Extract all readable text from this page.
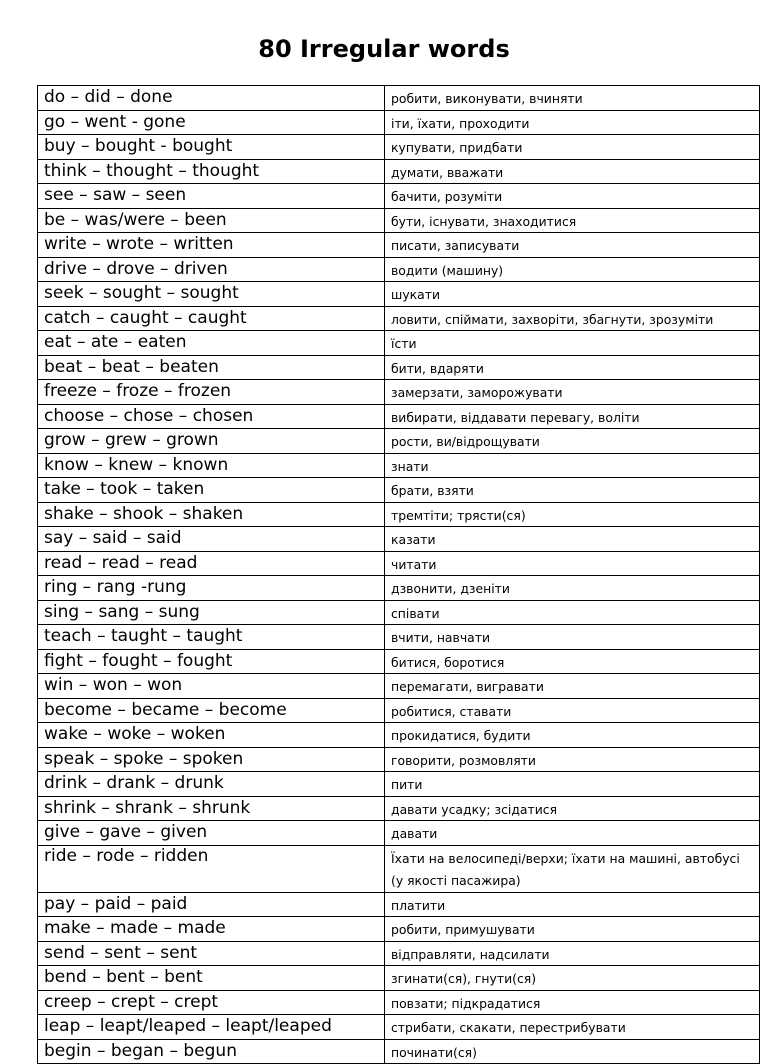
80 Irregular words
do – did – done	робити, виконувати, вчиняти
go – went - gone	іти, їхати, проходити
buy – bought - bought	купувати, придбати
think – thought – thought	думати, вважати
see – saw – seen	бачити, розуміти
be – was/were – been	бути, існувати, знаходитися
write – wrote – written	писати, записувати
drive – drove – driven	водити (машину)
seek – sought – sought	шукати
catch – caught – caught	ловити, спіймати, захворіти, збагнути, зрозуміти
eat – ate – eaten	їсти
beat – beat – beaten	бити, вдаряти
freeze – froze – frozen	замерзати, заморожувати
choose – chose – chosen	вибирати, віддавати перевагу, воліти
grow – grew – grown	рости, ви/відрощувати
know – knew – known	знати
take – took – taken	брати, взяти
shake – shook – shaken	тремтіти; трясти(ся)
say – said – said	казати
read – read – read	читати
ring – rang -rung	дзвонити, дзеніти
sing – sang – sung	співати
teach – taught – taught	вчити, навчати
fight – fought – fought	битися, боротися
win – won – won	перемагати, вигравати
become – became – become	робитися, ставати
wake – woke – woken	прокидатися, будити
speak – spoke – spoken	говорити, розмовляти
drink – drank – drunk	пити
shrink – shrank – shrunk	давати усадку; зсідатися
give – gave – given	давати
ride – rode – ridden	Їхати на велосипеді/верхи; їхати на машині, автобусі (у якості пасажира)
pay – paid – paid	платити
make – made – made	робити, примушувати
send – sent – sent	відправляти, надсилати
bend – bent – bent	згинати(ся), гнути(ся)
creep – crept – crept	повзати; підкрадатися
leap – leapt/leaped – leapt/leaped	стрибати, скакати, перестрибувати
begin – began – begun	починати(ся)
